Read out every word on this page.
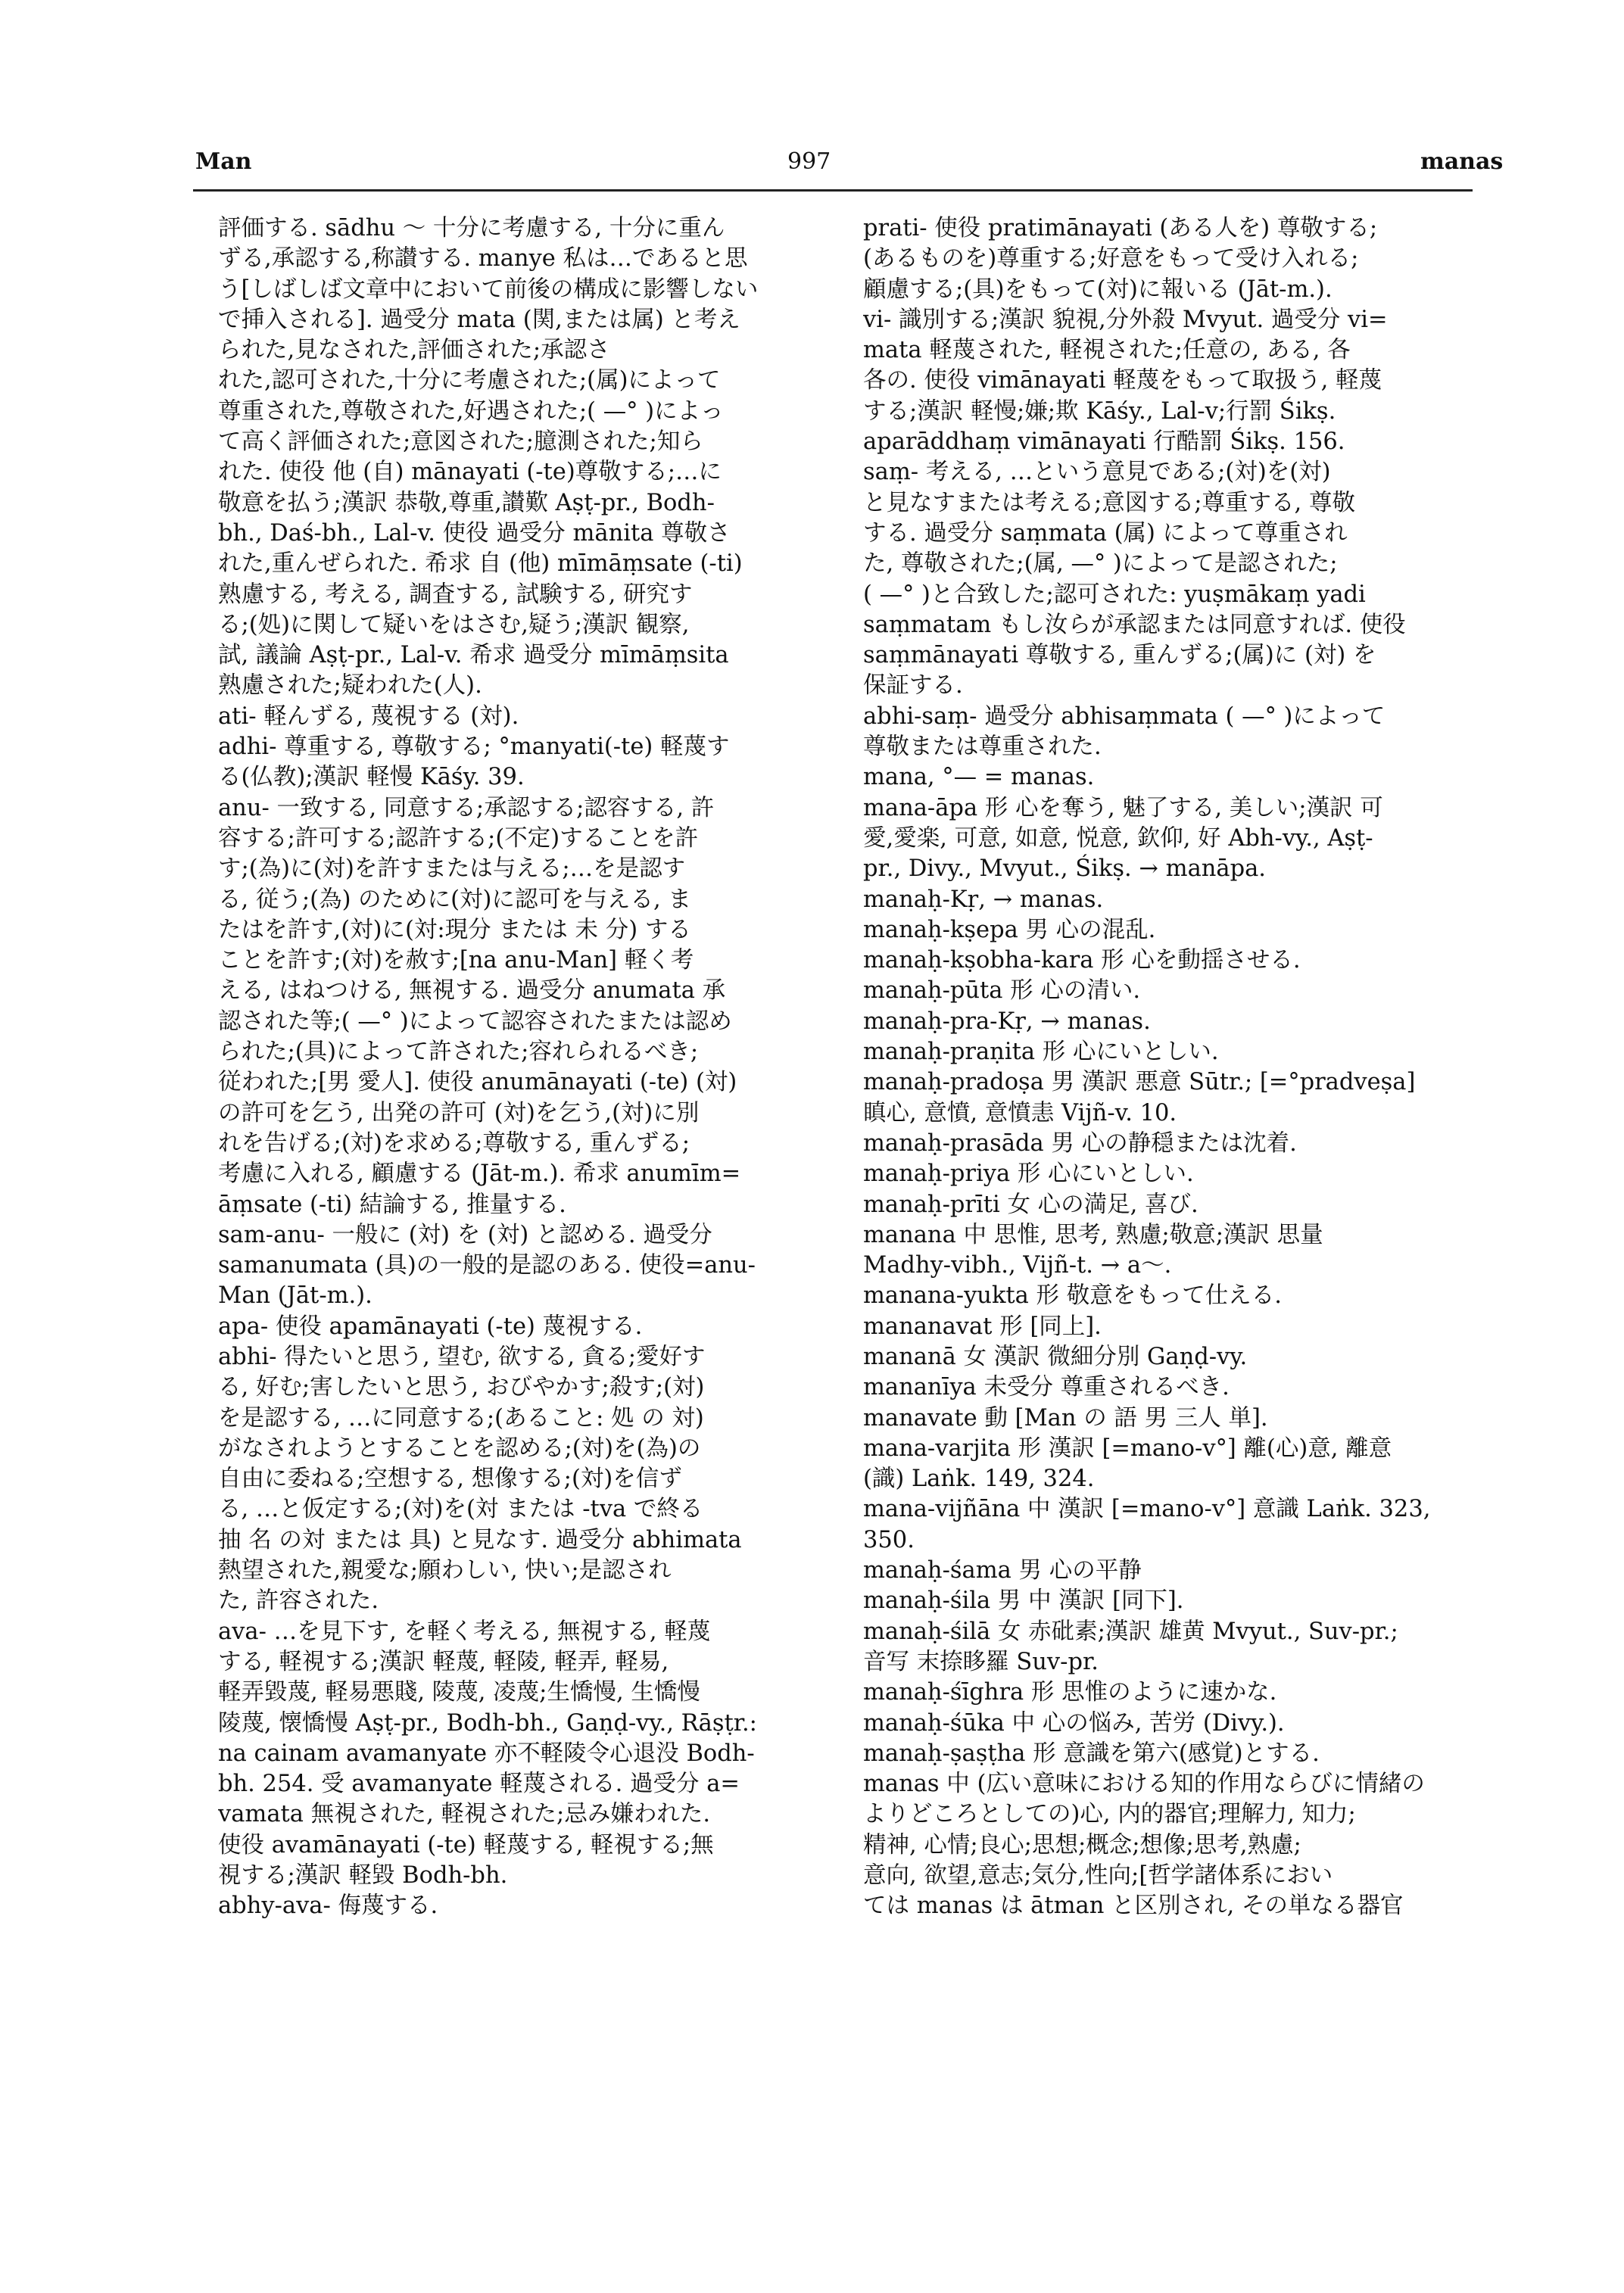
Man	997	manas
評価する. sādhu ～ 十分に考慮する, 十分に重ん
ずる,承認する,称讃する. manye 私は…であると思
う[しばしば文章中において前後の構成に影響しない
で挿入される]. 過受分 mata (関,または属) と考え
られた,見なされた,評価された;承認さ
れた,認可された,十分に考慮された;(属)によって
尊重された,尊敬された,好遇された;( —° )によっ
て高く評価された;意図された;臆測された;知ら
れた. 使役 他 (自) mānayati (-te)尊敬する;…に
敬意を払う;漢訳 恭敬,尊重,讃歎 Aṣṭ-pr., Bodh-
bh., Daś-bh., Lal-v. 使役 過受分 mānita 尊敬さ
れた,重んぜられた. 希求 自 (他) mīmāṃsate (-ti)
熟慮する, 考える, 調査する, 試験する, 研究す
る;(処)に関して疑いをはさむ,疑う;漢訳 観察,
試, 議論 Aṣṭ-pr., Lal-v. 希求 過受分 mīmāṃsita
熟慮された;疑われた(人).
ati- 軽んずる, 蔑視する (対).
adhi- 尊重する, 尊敬する; °manyati(-te) 軽蔑す
る(仏教);漢訳 軽慢 Kāśy. 39.
anu- 一致する, 同意する;承認する;認容する, 許
容する;許可する;認許する;(不定)することを許
す;(為)に(対)を許すまたは与える;…を是認す
る, 従う;(為) のために(対)に認可を与える, ま
たはを許す,(対)に(対:現分 または 未 分) する
ことを許す;(対)を赦す;[na anu-Man] 軽く考
える, はねつける, 無視する. 過受分 anumata 承
認された等;( —° )によって認容されたまたは認め
られた;(具)によって許された;容れられるべき;
従われた;[男 愛人]. 使役 anumānayati (-te) (対)
の許可を乞う, 出発の許可 (対)を乞う,(対)に別
れを告げる;(対)を求める;尊敬する, 重んずる;
考慮に入れる, 顧慮する (Jāt-m.). 希求 anumīm=
āṃsate (-ti) 結論する, 推量する.
sam-anu- 一般に (対) を (対) と認める. 過受分
samanumata (具)の一般的是認のある. 使役=anu-
Man (Jāt-m.).
apa- 使役 apamānayati (-te) 蔑視する.
abhi- 得たいと思う, 望む, 欲する, 貪る;愛好す
る, 好む;害したいと思う, おびやかす;殺す;(対)
を是認する, …に同意する;(あること: 処 の 対)
がなされようとすることを認める;(対)を(為)の
自由に委ねる;空想する, 想像する;(対)を信ず
る, …と仮定する;(対)を(対 または -tva で終る
抽 名 の対 または 具) と見なす. 過受分 abhimata
熱望された,親愛な;願わしい, 快い;是認され
た, 許容された.
ava- …を見下す, を軽く考える, 無視する, 軽蔑
する, 軽視する;漢訳 軽蔑, 軽陵, 軽弄, 軽易,
軽弄毀蔑, 軽易悪賤, 陵蔑, 凌蔑;生憍慢, 生憍慢
陵蔑, 懐憍慢 Aṣṭ-pr., Bodh-bh., Gaṇḍ-vy., Rāṣṭr.:
na cainam avamanyate 亦不軽陵令心退没 Bodh-
bh. 254. 受 avamanyate 軽蔑される. 過受分 a=
vamata 無視された, 軽視された;忌み嫌われた.
使役 avamānayati (-te) 軽蔑する, 軽視する;無
視する;漢訳 軽毀 Bodh-bh.
abhy-ava- 侮蔑する.
prati- 使役 pratimānayati (ある人を) 尊敬する;
(あるものを)尊重する;好意をもって受け入れる;
顧慮する;(具)をもって(対)に報いる (Jāt-m.).
vi- 識別する;漢訳 貌視,分外殺 Mvyut. 過受分 vi=
mata 軽蔑された, 軽視された;任意の, ある, 各
各の. 使役 vimānayati 軽蔑をもって取扱う, 軽蔑
する;漢訳 軽慢;嫌;欺 Kāśy., Lal-v;行罰 Śikṣ.
aparāddhaṃ vimānayati 行酷罰 Śikṣ. 156.
saṃ- 考える, …という意見である;(対)を(対)
と見なすまたは考える;意図する;尊重する, 尊敬
する. 過受分 saṃmata (属) によって尊重され
た, 尊敬された;(属, —° )によって是認された;
( —° )と合致した;認可された: yuṣmākaṃ yadi
saṃmatam もし汝らが承認または同意すれば. 使役
saṃmānayati 尊敬する, 重んずる;(属)に (対) を
保証する.
abhi-saṃ- 過受分 abhisaṃmata ( —° )によって
尊敬または尊重された.
mana, °— = manas.
mana-āpa 形 心を奪う, 魅了する, 美しい;漢訳 可
愛,愛楽, 可意, 如意, 悦意, 欽仰, 好 Abh-vy., Aṣṭ-
pr., Divy., Mvyut., Śikṣ. → manāpa.
manaḥ-Kṛ, → manas.
manaḥ-kṣepa 男 心の混乱.
manaḥ-kṣobha-kara 形 心を動揺させる.
manaḥ-pūta 形 心の清い.
manaḥ-pra-Kṛ, → manas.
manaḥ-praṇita 形 心にいとしい.
manaḥ-pradoṣa 男 漢訳 悪意 Sūtr.; [=°pradveṣa]
瞋心, 意憤, 意憤恚 Vijñ-v. 10.
manaḥ-prasāda 男 心の静穏または沈着.
manaḥ-priya 形 心にいとしい.
manaḥ-prīti 女 心の満足, 喜び.
manana 中 思惟, 思考, 熟慮;敬意;漢訳 思量
Madhy-vibh., Vijñ-t. → a～.
manana-yukta 形 敬意をもって仕える.
mananavat 形 [同上].
mananā 女 漢訳 微細分別 Gaṇḍ-vy.
mananīya 未受分 尊重されるべき.
manavate 動 [Man の 語 男 三人 単].
mana-varjita 形 漢訳 [=mano-v°] 離(心)意, 離意
(識) Laṅk. 149, 324.
mana-vijñāna 中 漢訳 [=mano-v°] 意識 Laṅk. 323,
350.
manaḥ-śama 男 心の平静
manaḥ-śila 男 中 漢訳 [同下].
manaḥ-śilā 女 赤砒素;漢訳 雄黄 Mvyut., Suv-pr.;
音写 末捺眵羅 Suv-pr.
manaḥ-śīghra 形 思惟のように速かな.
manaḥ-śūka 中 心の悩み, 苦労 (Divy.).
manaḥ-ṣaṣṭha 形 意識を第六(感覚)とする.
manas 中 (広い意味における知的作用ならびに情緒の
よりどころとしての)心, 内的器官;理解力, 知力;
精神, 心情;良心;思想;概念;想像;思考,熟慮;
意向, 欲望,意志;気分,性向;[哲学諸体系におい
ては manas は ātman と区別され, その単なる器官
